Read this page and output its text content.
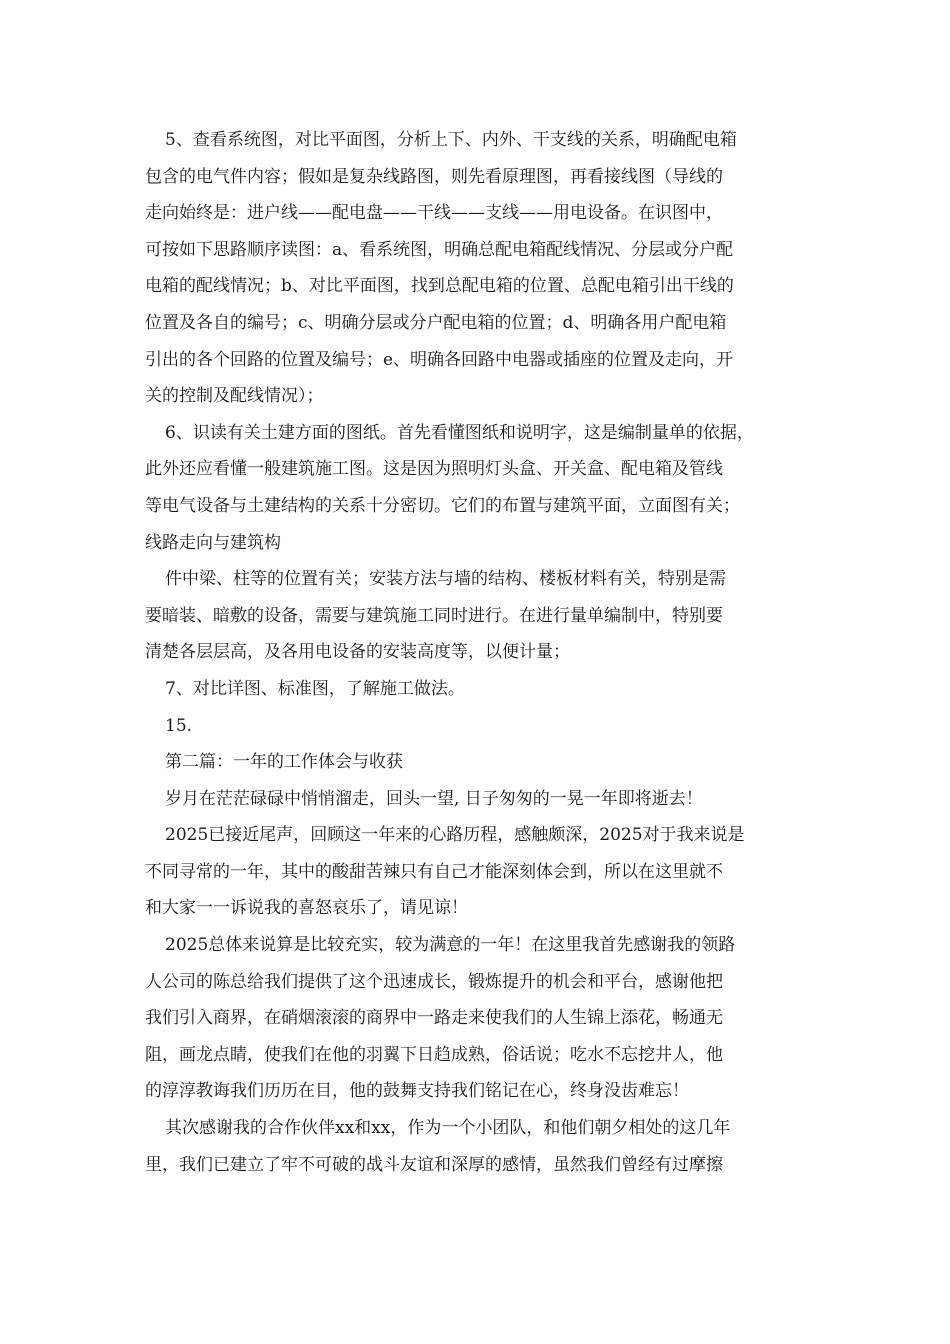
5、查看系统图，对比平面图，分析上下、内外、干支线的关系，明确配电箱
包含的电气件内容；假如是复杂线路图，则先看原理图，再看接线图（导线的
走向始终是：进户线——配电盘——干线——支线——用电设备。在识图中，
可按如下思路顺序读图：a、看系统图，明确总配电箱配线情况、分层或分户配
电箱的配线情况；b、对比平面图，找到总配电箱的位置、总配电箱引出干线的
位置及各自的编号；c、明确分层或分户配电箱的位置；d、明确各用户配电箱
引出的各个回路的位置及编号；e、明确各回路中电器或插座的位置及走向，开
关的控制及配线情况）；
6、识读有关土建方面的图纸。首先看懂图纸和说明字，这是编制量单的依据，
此外还应看懂一般建筑施工图。这是因为照明灯头盒、开关盒、配电箱及管线
等电气设备与土建结构的关系十分密切。它们的布置与建筑平面，立面图有关；
线路走向与建筑构
件中梁、柱等的位置有关；安装方法与墙的结构、楼板材料有关，特别是需
要暗装、暗敷的设备，需要与建筑施工同时进行。在进行量单编制中，特别要
清楚各层层高，及各用电设备的安装高度等，以便计量；
7、对比详图、标准图，了解施工做法。
15.
第二篇：一年的工作体会与收获
岁月在茫茫碌碌中悄悄溜走，回头一望, 日子匆匆的一晃一年即将逝去！
2025已接近尾声，回顾这一年来的心路历程，感触颇深，2025对于我来说是
不同寻常的一年，其中的酸甜苦辣只有自己才能深刻体会到，所以在这里就不
和大家一一诉说我的喜怒哀乐了，请见谅！
2025总体来说算是比较充实，较为满意的一年！在这里我首先感谢我的领路
人公司的陈总给我们提供了这个迅速成长，锻炼提升的机会和平台，感谢他把
我们引入商界，在硝烟滚滚的商界中一路走来使我们的人生锦上添花，畅通无
阻，画龙点睛，使我们在他的羽翼下日趋成熟，俗话说；吃水不忘挖井人，他
的淳淳教诲我们历历在目，他的鼓舞支持我们铭记在心，终身没齿难忘！
其次感谢我的合作伙伴xx和xx，作为一个小团队，和他们朝夕相处的这几年
里，我们已建立了牢不可破的战斗友谊和深厚的感情，虽然我们曾经有过摩擦
